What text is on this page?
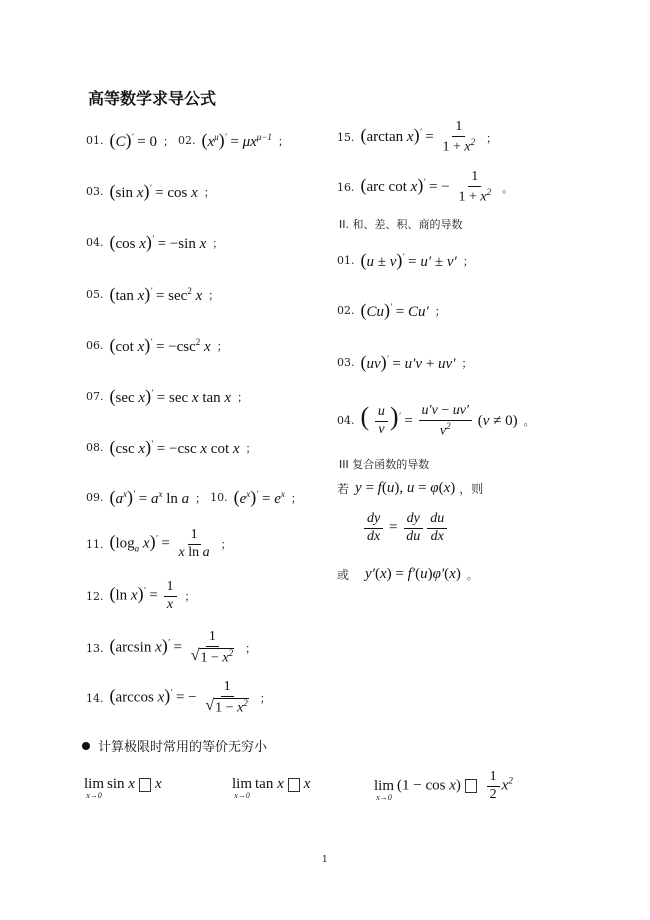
高等数学求导公式
01. (C)′ = 0 ； 02. $(x^\mu)' = \mu x^{\mu-1}$ ；
03. (sin x)′ = cos x ；
04. (cos x)′ = −sin x ；
05. (tan $x)' = \sec^2 x$ ；
06. (cot $x)' = -\csc^2$ x ；
07. (sec x)′ = sec x tan x ；
08. (csc x)′ = −csc x cot x ；
09. $(a^x)' = a^x$ ln a ； 10. $(e^x)' = e^x$ ；
11. ($\log_a$ $x)' = \frac{1}{\text{x ln a}}$ ；
12. (ln $x)' = \frac{1}{x}$ ；
13. (arcsin $x)' = \frac{1}{√ 1 - x^2}$ ；
14. (arccos x)′ = − $\frac{1}{√ 1 - x^2}$ ；
15. (arctan $x)' = \frac{1}{1 + x^2}$ ；
16. (arc cot x)′ = − $\frac{1}{1 + x^2}$ 。
II. 和、差、积、商的导数
01. (u ± v)′ = u′ ± v′ ；
02. (Cu)′ = Cu′ ；
03. (uv)′ = u′v + uv′ ；
04. ( $\frac{u}{v} )' = \frac{u'v - uv'}{v^2} (v \ne 0)$ 。
III 复合函数的导数
若 y = f(u), u = φ(x) ，则
$\frac{dy}{dx} = \frac{dy}{du} \frac{du}{dx}$
或 y′(x) = f′(u)φ′(x) 。
计算极限时常用的等价无穷小
lim
x→0
sin x x	lim
x→0
tan x x	lim
x→0
$(1 - \cos x) \frac{1}{2} x^2$
1
